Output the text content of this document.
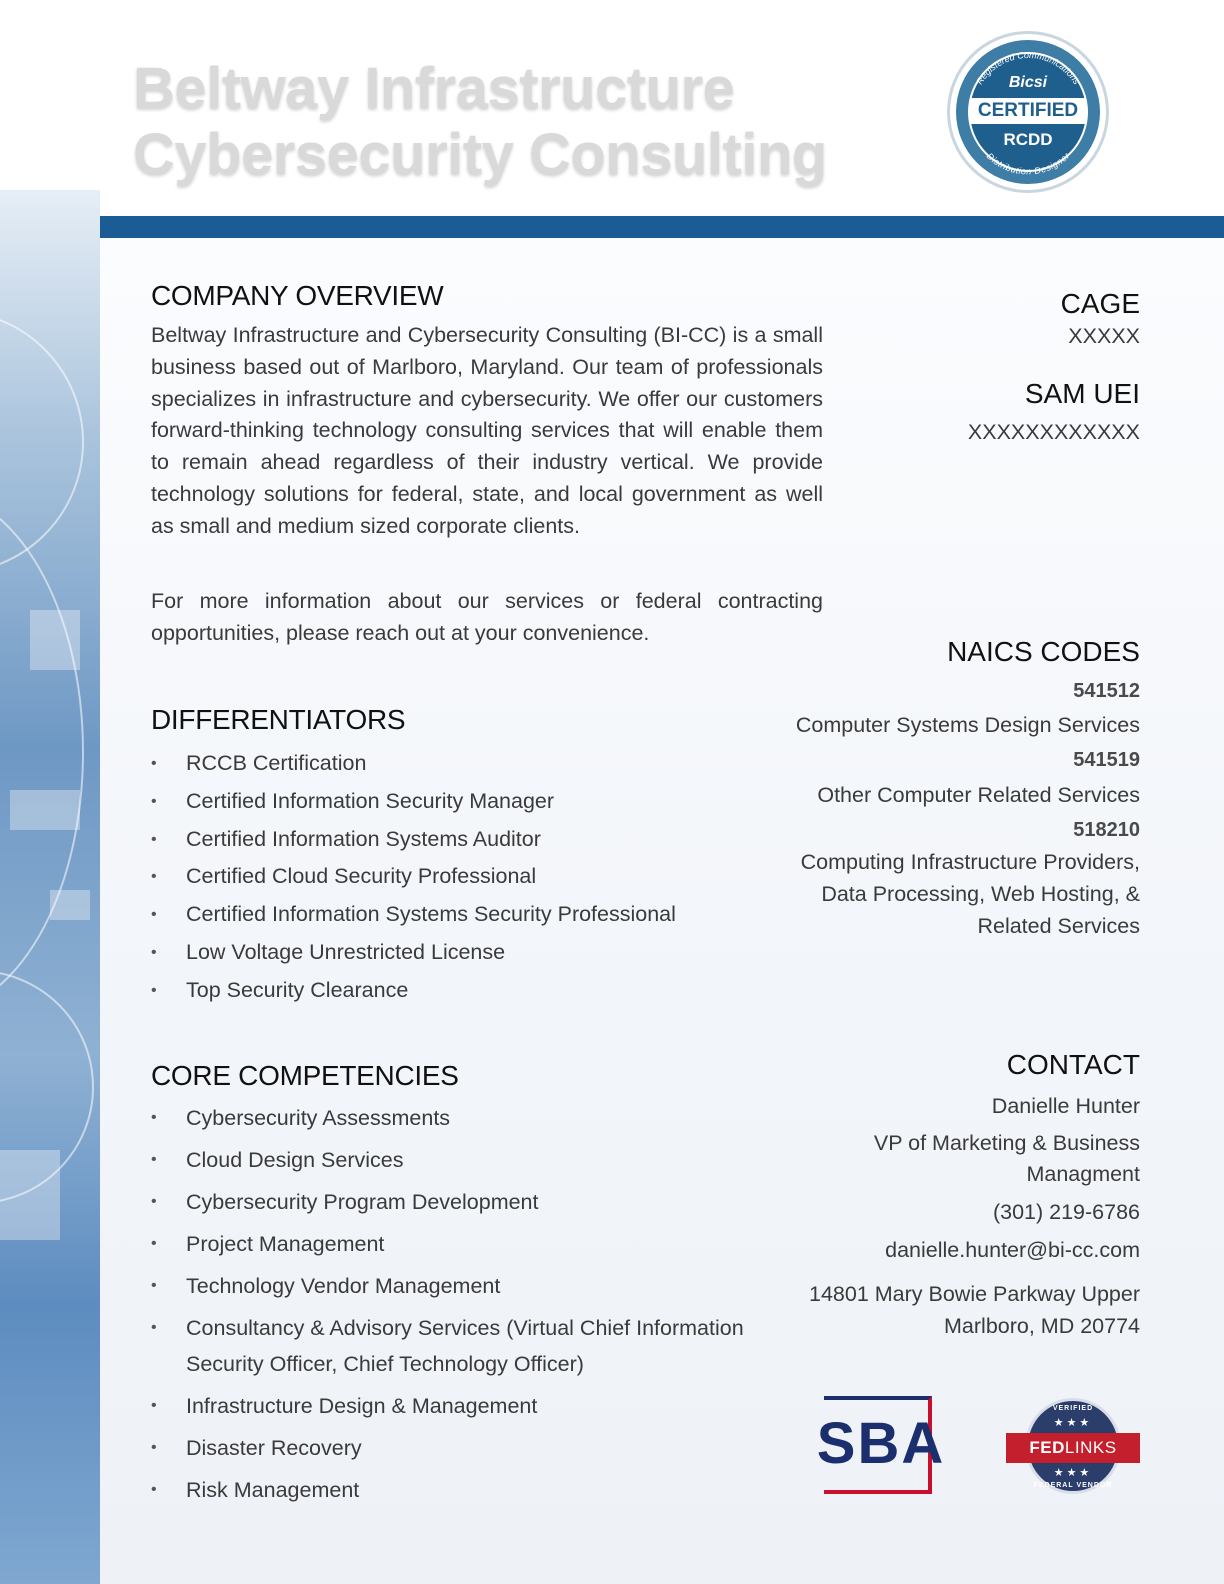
Beltway Infrastructure
Cybersecurity Consulting
Registered Communications
Distribution Designer
Bicsi
CERTIFIED
RCDD
COMPANY OVERVIEW

Beltway Infrastructure and Cybersecurity Consulting (BI-CC) is a small business based out of Marlboro, Maryland. Our team of professionals specializes in infrastructure and cybersecurity. We offer our customers forward-thinking technology consulting services that will enable them to remain ahead regardless of their industry vertical. We provide technology solutions for federal, state, and local government as well as small and medium sized corporate clients.

For more information about our services or federal contracting opportunities, please reach out at your convenience.

CAGE
XXXXX
SAM UEI
XXXXXXXXXXXX
DIFFERENTIATORS
• RCCB Certification
• Certified Information Security Manager
• Certified Information Systems Auditor
• Certified Cloud Security Professional
• Certified Information Systems Security Professional
• Low Voltage Unrestricted License
• Top Security Clearance
NAICS CODES
541512
Computer Systems Design Services
541519
Other Computer Related Services
518210
Computing Infrastructure Providers,
Data Processing, Web Hosting, &
Related Services
CORE COMPETENCIES
• Cybersecurity Assessments
• Cloud Design Services
• Cybersecurity Program Development
• Project Management
• Technology Vendor Management
• Consultancy & Advisory Services (Virtual Chief Information Security Officer, Chief Technology Officer)
• Infrastructure Design & Management
• Disaster Recovery
• Risk Management
CONTACT
Danielle Hunter
VP of Marketing & Business
Managment
(301) 219-6786
danielle.hunter@bi-cc.com
14801 Mary Bowie Parkway Upper
Marlboro, MD 20774
SBA
VERIFIED
★★★
FEDLINKS
★★★
FEDERAL VENDOR
